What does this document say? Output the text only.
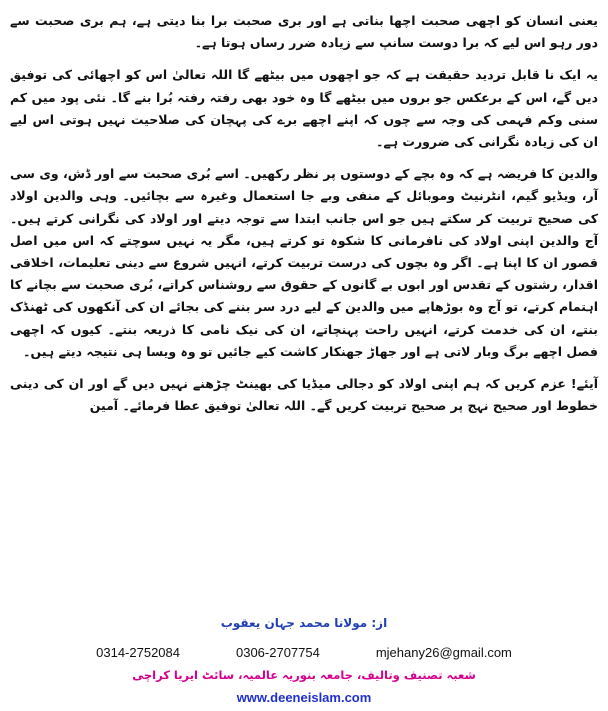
یعنی انسان کو اچھی صحبت اچھا بناتی ہے اور بری صحبت برا بنا دیتی ہے، ہم بری صحبت سے دور رہو اس لیے کہ برا دوست سانپ سے زیادہ ضرر رساں ہوتا ہے۔

یہ ایک نا قابل تردید حقیقت ہے کہ جو اچھوں میں بیٹھے گا اللہ تعالیٰ اس کو اچھائی کی توفیق دیں گے، اس کے برعکس جو بروں میں بیٹھے گا وہ خود بھی رفتہ رفتہ بُرا بنے گا۔ نئی پود میں کم سنی وکم فہمی کی وجہ سے چوں کہ اپنے اچھے برے کی پہچان کی صلاحیت نہیں ہوتی اس لیے ان کی زیادہ نگرانی کی ضرورت ہے۔

والدین کا فریضہ ہے کہ وہ بچے کے دوستوں پر نظر رکھیں۔ اسے بُری صحبت سے اور ڈش، وی سی آر، ویڈیو گیم، انٹرنیٹ وموبائل کے منفی وبے جا استعمال وغیرہ سے بچائیں۔ وہی والدین اولاد کی صحیح تربیت کر سکتے ہیں جو اس جانب ابتدا سے توجہ دیتے اور اولاد کی نگرانی کرتے ہیں۔ آج والدین اپنی اولاد کی نافرمانی کا شکوہ تو کرتے ہیں، مگر یہ نہیں سوچتے کہ اس میں اصل قصور ان کا اپنا ہے۔ اگر وہ بچوں کی درست تربیت کرتے، انہیں شروع سے دینی تعلیمات، اخلاقی اقدار، رشتوں کے تقدس اور ابوں بے گانوں کے حقوق سے روشناس کراتے، بُری صحبت سے بچانے کا اہتمام کرتے، تو آج وہ بوڑھاپے میں والدین کے لیے درد سر بننے کی بجائے ان کی آنکھوں کی ٹھنڈک بنتے، ان کی خدمت کرتے، انہیں راحت پہنچاتے، ان کی نیک نامی کا ذریعہ بنتے۔ کیوں کہ اچھی فصل اچھے برگ وبار لاتی ہے اور جھاڑ جھنکار کاشت کیے جائیں تو وہ ویسا ہی نتیجہ دیتے ہیں۔

آیئے! عزم کریں کہ ہم اپنی اولاد کو دجالی میڈیا کی بھینٹ چڑھنے نہیں دیں گے اور ان کی دینی خطوط اور صحیح نہج پر صحیح تربیت کریں گے۔ اللہ تعالیٰ توفیق عطا فرمائے۔ آمین

از: مولانا محمد جہان یعقوب
0314-2752084	0306-2707754	mjehany26@gmail.com
شعبہ تصنیف وتالیف، جامعہ بنوریہ عالمیہ، سائٹ ایریا کراچی
www.deeneislam.com
